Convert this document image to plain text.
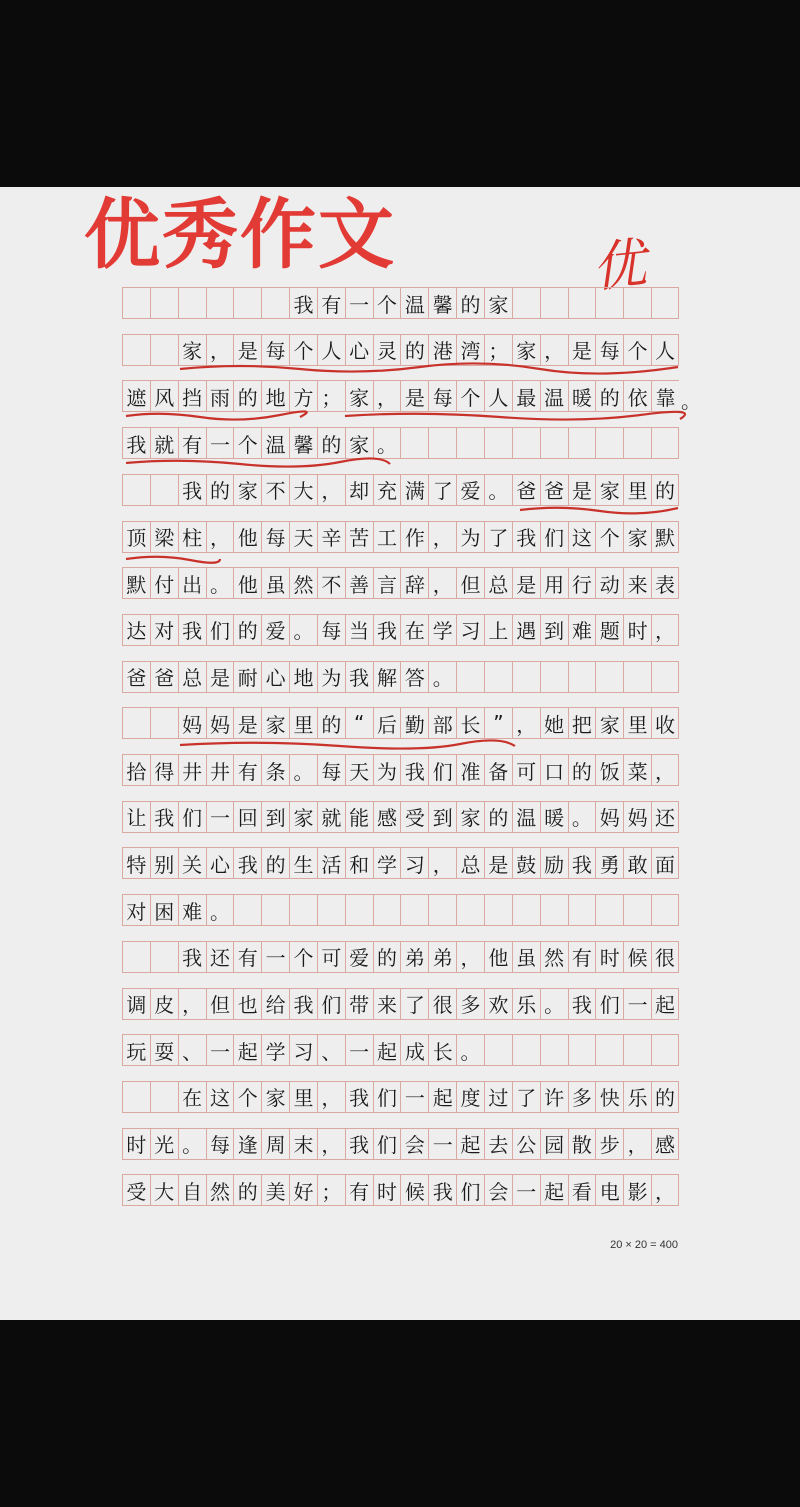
优秀作文	优
我 有 一 个 温 馨 的 家
家 ， 是 每 个 人 心 灵 的 港 湾 ； 家 ， 是 每 个 人
遮 风 挡 雨 的 地 方 ； 家 ， 是 每 个 人 最 温 暖 的 依 靠 。
我 就 有 一 个 温 馨 的 家 。
我 的 家 不 大 ， 却 充 满 了 爱 。 爸 爸 是 家 里 的
顶 梁 柱 ， 他 每 天 辛 苦 工 作 ， 为 了 我 们 这 个 家 默
默 付 出 。 他 虽 然 不 善 言 辞 ， 但 总 是 用 行 动 来 表
达 对 我 们 的 爱 。 每 当 我 在 学 习 上 遇 到 难 题 时 ，
爸 爸 总 是 耐 心 地 为 我 解 答 。
妈 妈 是 家 里 的 “ 后 勤 部 长 ” ， 她 把 家 里 收
拾 得 井 井 有 条 。 每 天 为 我 们 准 备 可 口 的 饭 菜 ，
让 我 们 一 回 到 家 就 能 感 受 到 家 的 温 暖 。 妈 妈 还
特 别 关 心 我 的 生 活 和 学 习 ， 总 是 鼓 励 我 勇 敢 面
对 困 难 。
我 还 有 一 个 可 爱 的 弟 弟 ， 他 虽 然 有 时 候 很
调 皮 ， 但 也 给 我 们 带 来 了 很 多 欢 乐 。 我 们 一 起
玩 耍 、 一 起 学 习 、 一 起 成 长 。
在 这 个 家 里 ， 我 们 一 起 度 过 了 许 多 快 乐 的
时 光 。 每 逢 周 末 ， 我 们 会 一 起 去 公 园 散 步 ， 感
受 大 自 然 的 美 好 ； 有 时 候 我 们 会 一 起 看 电 影 ，
20 × 20 = 400
